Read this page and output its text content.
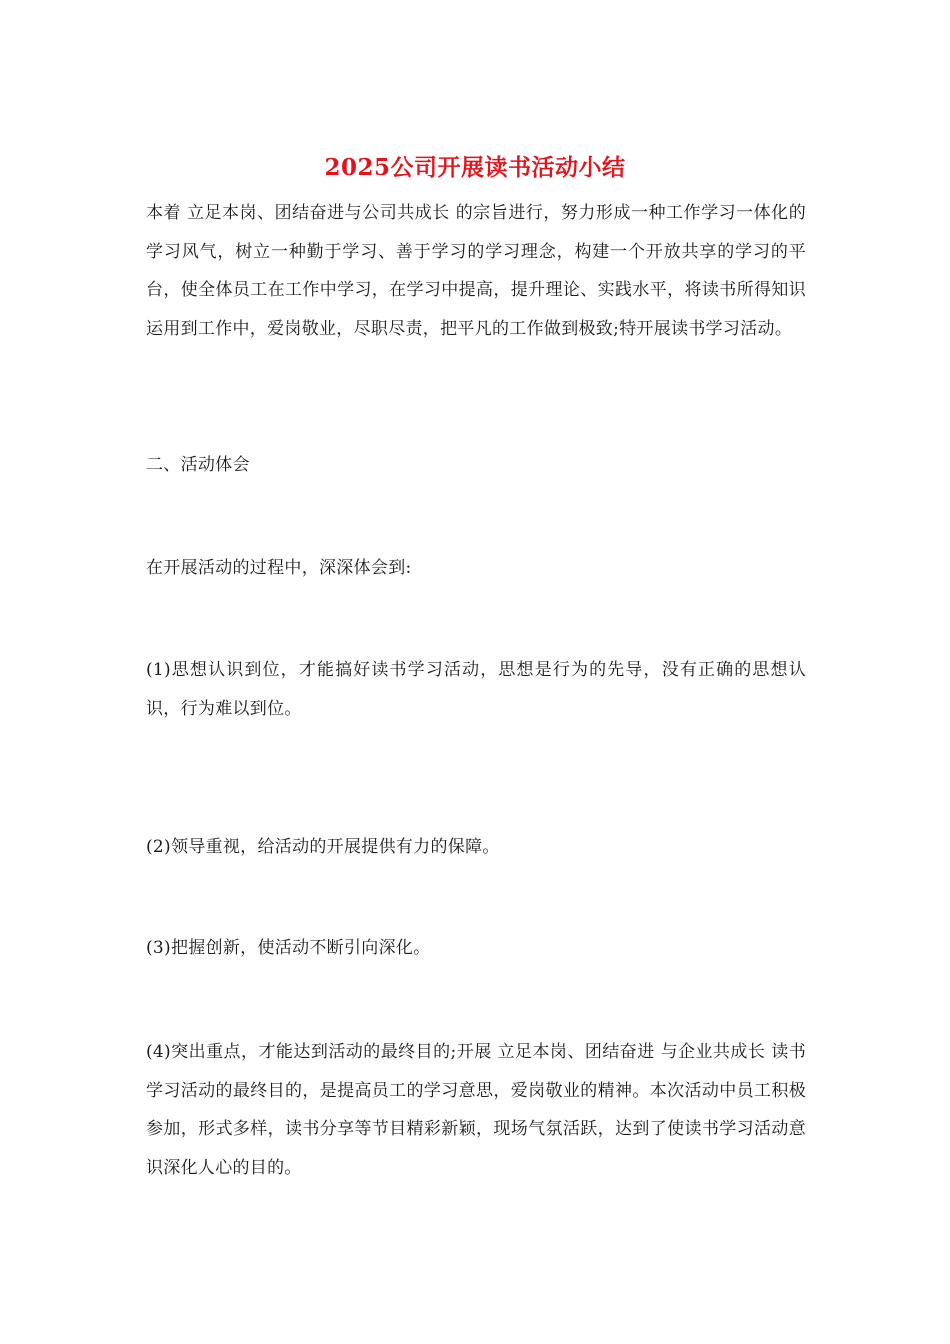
2025公司开展读书活动小结
本着 立足本岗、团结奋进与公司共成长 的宗旨进行，努力形成一种工作学习一体化的学习风气，树立一种勤于学习、善于学习的学习理念，构建一个开放共享的学习的平台，使全体员工在工作中学习，在学习中提高，提升理论、实践水平，将读书所得知识运用到工作中，爱岗敬业，尽职尽责，把平凡的工作做到极致;特开展读书学习活动。
二、活动体会
在开展活动的过程中，深深体会到:
(1)思想认识到位，才能搞好读书学习活动，思想是行为的先导，没有正确的思想认识，行为难以到位。
(2)领导重视，给活动的开展提供有力的保障。
(3)把握创新，使活动不断引向深化。
(4)突出重点，才能达到活动的最终目的;开展 立足本岗、团结奋进 与企业共成长 读书学习活动的最终目的，是提高员工的学习意思，爱岗敬业的精神。本次活动中员工积极参加，形式多样，读书分享等节目精彩新颖，现场气氛活跃，达到了使读书学习活动意识深化人心的目的。
